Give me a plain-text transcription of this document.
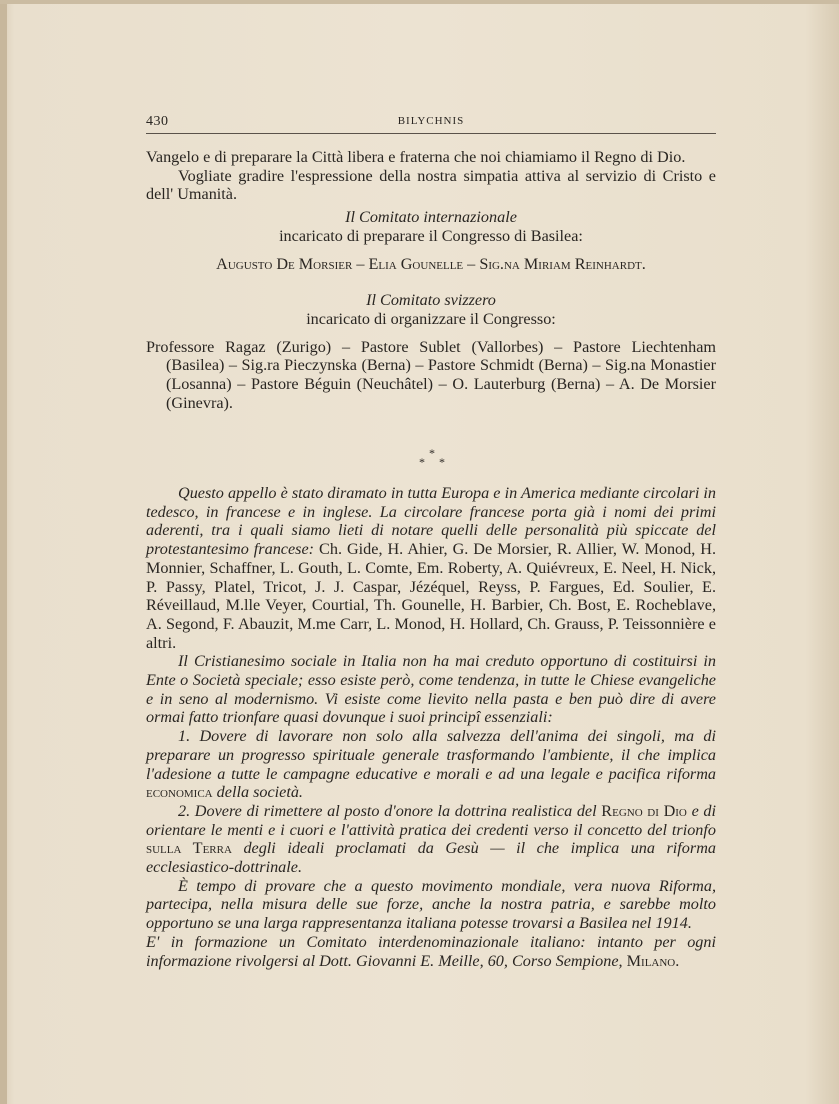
430	BILYCHNIS

Vangelo e di preparare la Città libera e fraterna che noi chiamiamo il Regno di Dio.

Vogliate gradire l'espressione della nostra simpatia attiva al servizio di Cristo e dell' Umanità.

Il Comitato internazionale

incaricato di preparare il Congresso di Basilea:

Augusto De Morsier – Elia Gounelle – Sig.na Miriam Reinhardt.

Il Comitato svizzero

incaricato di organizzare il Congresso:

Professore Ragaz (Zurigo) – Pastore Sublet (Vallorbes) – Pastore Liechtenham (Basilea) – Sig.ra Pieczynska (Berna) – Pastore Schmidt (Berna) – Sig.na Monastier (Losanna) – Pastore Béguin (Neuchâtel) – O. Lauterburg (Berna) – A. De Morsier (Ginevra).

*
* *

Questo appello è stato diramato in tutta Europa e in America mediante circolari in tedesco, in francese e in inglese. La circolare francese porta già i nomi dei primi aderenti, tra i quali siamo lieti di notare quelli delle personalità più spiccate del protestantesimo francese: Ch. Gide, H. Ahier, G. De Morsier, R. Allier, W. Monod, H. Monnier, Schaffner, L. Gouth, L. Comte, Em. Roberty, A. Quiévreux, E. Neel, H. Nick, P. Passy, Platel, Tricot, J. J. Caspar, Jézéquel, Reyss, P. Fargues, Ed. Soulier, E. Réveillaud, M.lle Veyer, Courtial, Th. Gounelle, H. Barbier, Ch. Bost, E. Rocheblave, A. Segond, F. Abauzit, M.me Carr, L. Monod, H. Hollard, Ch. Grauss, P. Teissonnière e altri.

Il Cristianesimo sociale in Italia non ha mai creduto opportuno di costituirsi in Ente o Società speciale; esso esiste però, come tendenza, in tutte le Chiese evangeliche e in seno al modernismo. Vi esiste come lievito nella pasta e ben può dire di avere ormai fatto trionfare quasi dovunque i suoi principî essenziali:

1. Dovere di lavorare non solo alla salvezza dell'anima dei singoli, ma di preparare un progresso spirituale generale trasformando l'ambiente, il che implica l'adesione a tutte le campagne educative e morali e ad una legale e pacifica riforma economica della società.

2. Dovere di rimettere al posto d'onore la dottrina realistica del Regno di Dio e di orientare le menti e i cuori e l'attività pratica dei credenti verso il concetto del trionfo sulla Terra degli ideali proclamati da Gesù — il che implica una riforma ecclesiastico-dottrinale.

È tempo di provare che a questo movimento mondiale, vera nuova Riforma, partecipa, nella misura delle sue forze, anche la nostra patria, e sarebbe molto opportuno se una larga rappresentanza italiana potesse trovarsi a Basilea nel 1914.

E' in formazione un Comitato interdenominazionale italiano: intanto per ogni informazione rivolgersi al Dott. Giovanni E. Meille, 60, Corso Sempione, Milano.
